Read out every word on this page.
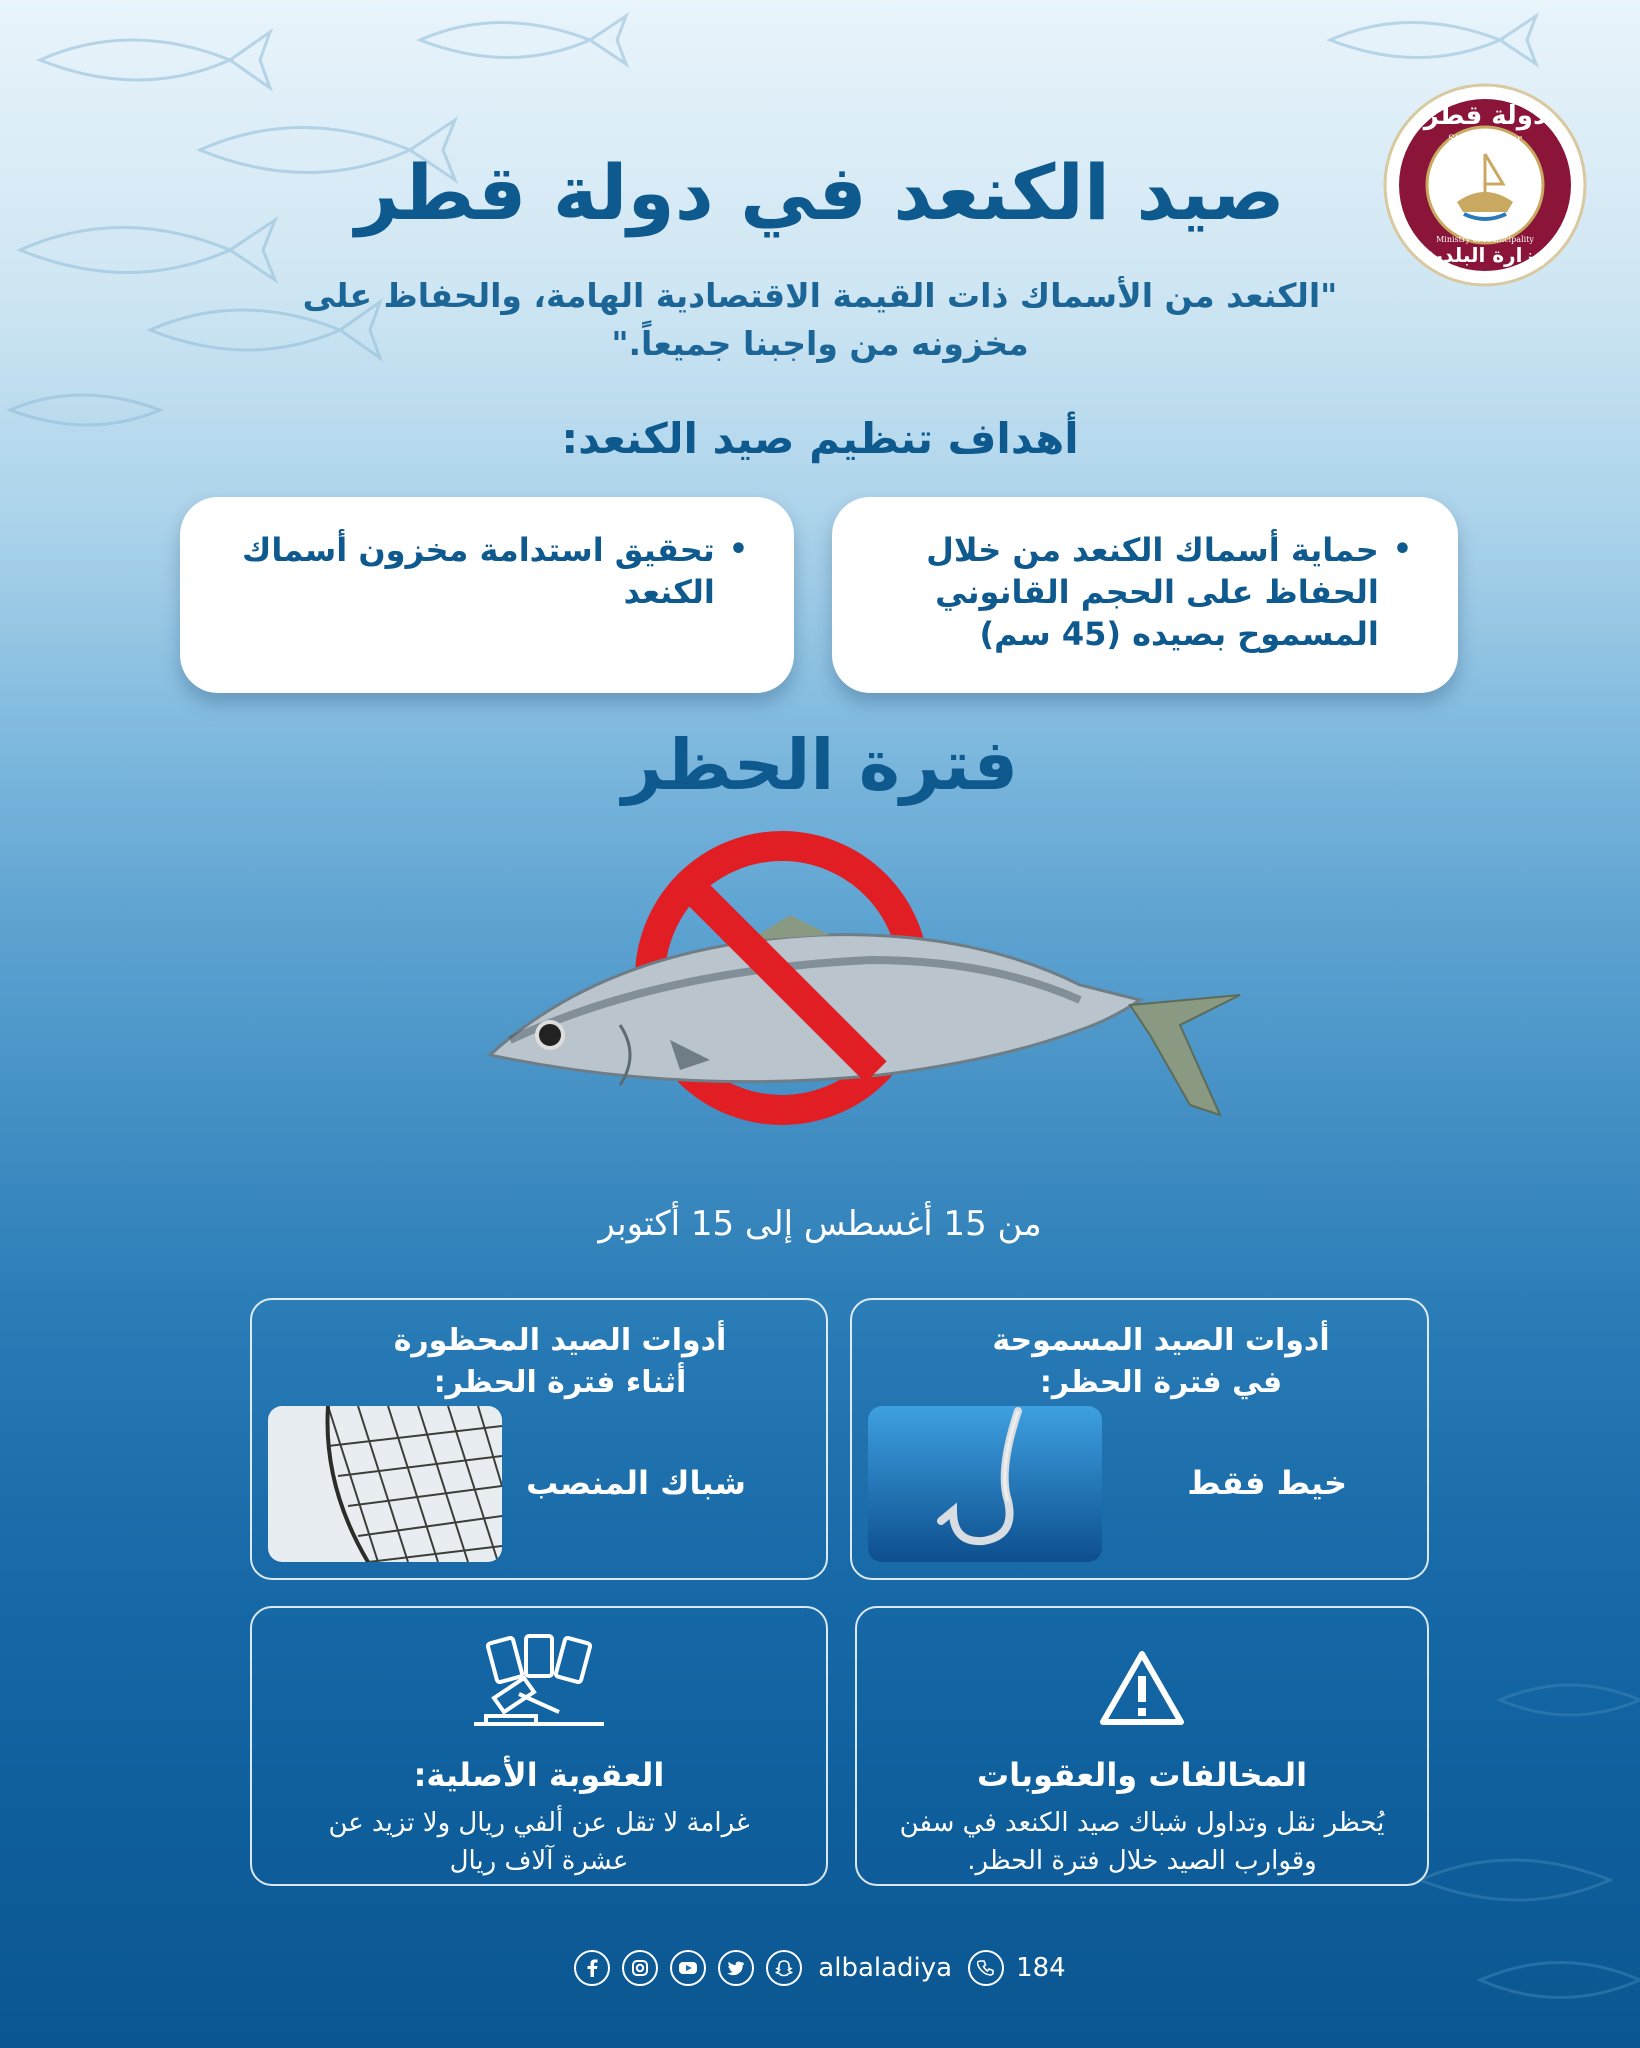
دولة قطر
وزارة البلدية
State Of Qatar
Ministry of Municipality
صيد الكنعد في دولة قطر

"الكنعد من الأسماك ذات القيمة الاقتصادية الهامة، والحفاظ على مخزونه من واجبنا جميعاً."

أهداف تنظيم صيد الكنعد:
•
حماية أسماك الكنعد من خلال الحفاظ على الحجم القانوني المسموح بصيده (45 سم)
•
تحقيق استدامة مخزون أسماك الكنعد
فترة الحظر

من 15 أغسطس إلى 15 أكتوبر

أدوات الصيد المسموحة في فترة الحظر:

خيط فقط

أدوات الصيد المحظورة أثناء فترة الحظر:

شباك المنصب

المخالفات والعقوبات

يُحظر نقل وتداول شباك صيد الكنعد في سفن وقوارب الصيد خلال فترة الحظر.

العقوبة الأصلية:

غرامة لا تقل عن ألفي ريال ولا تزيد عن عشرة آلاف ريال

albaladiya 184
